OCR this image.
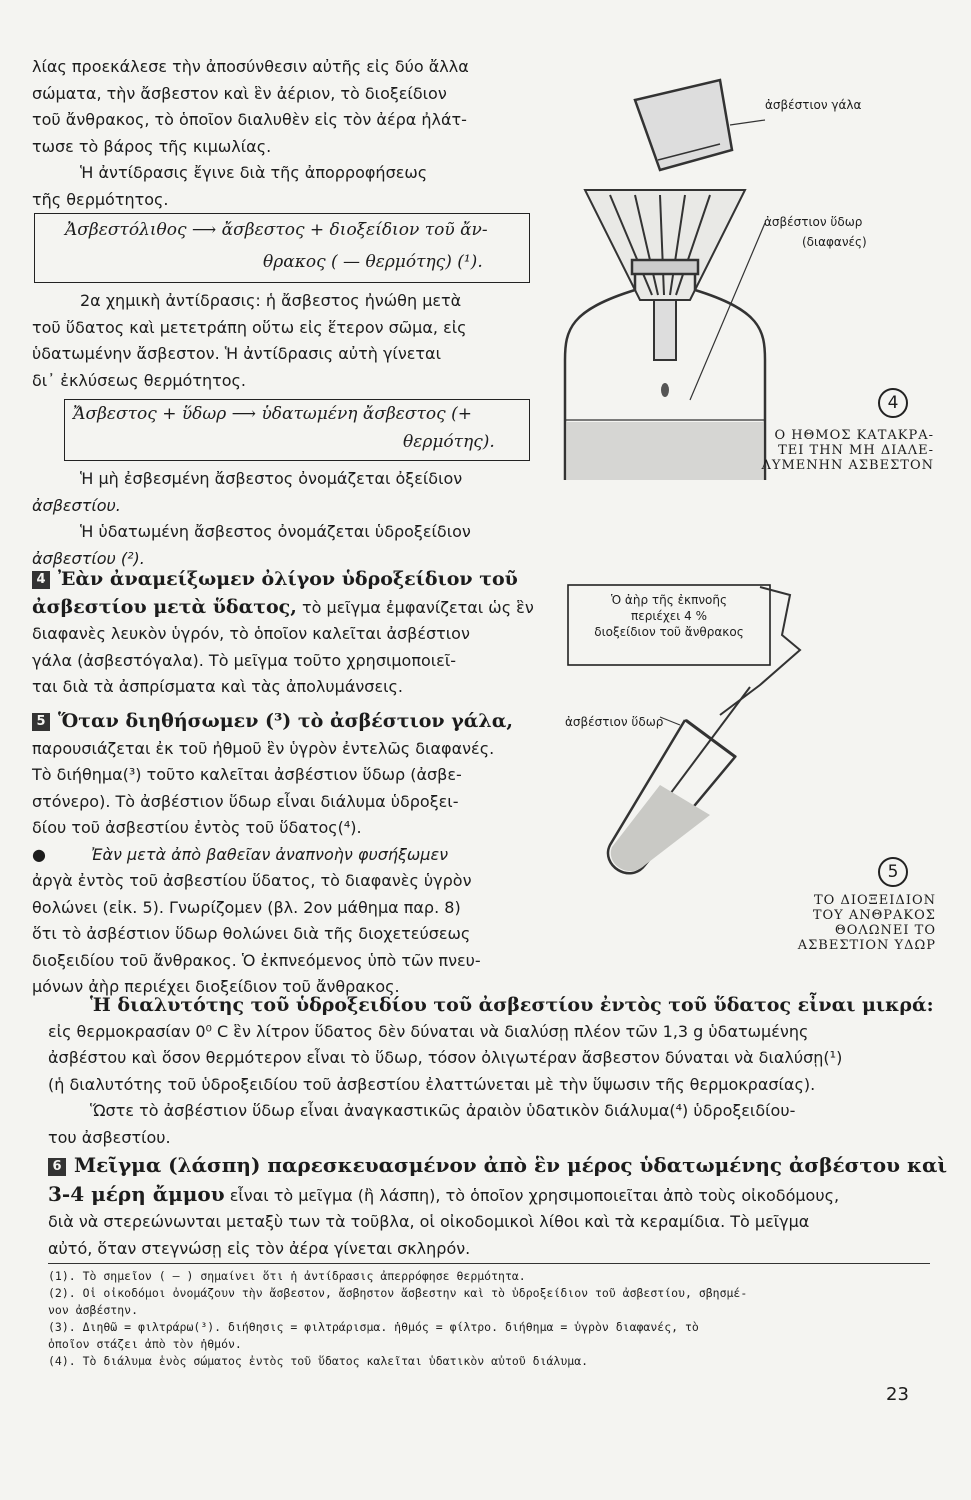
λίας προεκάλεσε τὴν ἀποσύνθεσιν αὐτῆς εἰς δύο ἄλλα
σώματα, τὴν ἄσβεστον καὶ ἓν ἀέριον, τὸ διοξείδιον
τοῦ ἄνθρακος, τὸ ὁποῖον διαλυθὲν εἰς τὸν ἀέρα ἠλάτ-
τωσε τὸ βάρος τῆς κιμωλίας.
Ἡ ἀντίδρασις ἔγινε διὰ τῆς ἀπορροφήσεως
τῆς θερμότητος.
Ἀσβεστόλιθος ⟶ ἄσβεστος + διοξείδιον τοῦ ἄν-
θρακος ( — θερμότης) (¹).
2α χημικὴ ἀντίδρασις: ἡ ἄσβεστος ἠνώθη μετὰ
τοῦ ὕδατος καὶ μετετράπη οὕτω εἰς ἕτερον σῶμα, εἰς
ὑδατωμένην ἄσβεστον. Ἡ ἀντίδρασις αὐτὴ γίνεται
δι᾽ ἐκλύσεως θερμότητος.
Ἄσβεστος + ὕδωρ ⟶ ὑδατωμένη ἄσβεστος (+
θερμότης).
Ἡ μὴ ἐσβεσμένη ἄσβεστος ὀνομάζεται ὀξείδιον
ἀσβεστίου.
Ἡ ὑδατωμένη ἄσβεστος ὀνομάζεται ὑδροξείδιον
ἀσβεστίου (²).
4 Ἐὰν ἀναμείξωμεν ὀλίγον ὑδροξείδιον τοῦ
ἀσβεστίου μετὰ ὕδατος, τὸ μεῖγμα ἐμφανίζεται ὡς ἓν
διαφανὲς λευκὸν ὑγρόν, τὸ ὁποῖον καλεῖται ἀσβέστιον
γάλα (ἀσβεστόγαλα). Τὸ μεῖγμα τοῦτο χρησιμοποιεῖ-
ται διὰ τὰ ἀσπρίσματα καὶ τὰς ἀπολυμάνσεις.
5 Ὅταν διηθήσωμεν (³) τὸ ἀσβέστιον γάλα,
παρουσιάζεται ἐκ τοῦ ἠθμοῦ ἓν ὑγρὸν ἐντελῶς διαφανές.
Τὸ διήθημα(³) τοῦτο καλεῖται ἀσβέστιον ὕδωρ (ἀσβε-
στόνερο). Τὸ ἀσβέστιον ὕδωρ εἶναι διάλυμα ὑδροξει-
δίου τοῦ ἀσβεστίου ἐντὸς τοῦ ὕδατος(⁴).
●	Ἐὰν μετὰ ἀπὸ βαθεῖαν ἀναπνοὴν φυσήξωμεν
ἀργὰ ἐντὸς τοῦ ἀσβεστίου ὕδατος, τὸ διαφανὲς ὑγρὸν
θολώνει (εἰκ. 5). Γνωρίζομεν (βλ. 2ον μάθημα παρ. 8)
ὅτι τὸ ἀσβέστιον ὕδωρ θολώνει διὰ τῆς διοχετεύσεως
διοξειδίου τοῦ ἄνθρακος. Ὁ ἐκπνεόμενος ὑπὸ τῶν πνευ-
μόνων ἀὴρ περιέχει διοξείδιον τοῦ ἄνθρακος.
ἀσβέστιον γάλα
ἀσβέστιον ὕδωρ
(διαφανές)
4
Ο ΗΘΜΟΣ ΚΑΤΑΚΡΑ-
ΤΕΙ ΤΗΝ ΜΗ ΔΙΑΛΕ-
ΛΥΜΕΝΗΝ ΑΣΒΕΣΤΟΝ
Ὁ ἀὴρ τῆς ἐκπνοῆς
περιέχει 4 %
διοξείδιον τοῦ ἄνθρακος
ἀσβέστιον ὕδωρ
5
ΤΟ ΔΙΟΞΕΙΔΙΟΝ
ΤΟΥ ΑΝΘΡΑΚΟΣ
ΘΟΛΩΝΕΙ ΤΟ
ΑΣΒΕΣΤΙΟΝ ΥΔΩΡ
Ἡ διαλυτότης τοῦ ὑδροξειδίου τοῦ ἀσβεστίου ἐντὸς τοῦ ὕδατος εἶναι μικρά:
εἰς θερμοκρασίαν 0⁰ C ἓν λίτρον ὕδατος δὲν δύναται νὰ διαλύσῃ πλέον τῶν 1,3 g ὑδατωμένης
ἀσβέστου καὶ ὅσον θερμότερον εἶναι τὸ ὕδωρ, τόσον ὀλιγωτέραν ἄσβεστον δύναται νὰ διαλύσῃ(¹)
(ἡ διαλυτότης τοῦ ὑδροξειδίου τοῦ ἀσβεστίου ἐλαττώνεται μὲ τὴν ὕψωσιν τῆς θερμοκρασίας).
Ὥστε τὸ ἀσβέστιον ὕδωρ εἶναι ἀναγκαστικῶς ἀραιὸν ὑδατικὸν διάλυμα(⁴) ὑδροξειδίου-
του ἀσβεστίου.
6 Μεῖγμα (λάσπη) παρεσκευασμένον ἀπὸ ἓν μέρος ὑδατωμένης ἀσβέστου καὶ
3-4 μέρη ἄμμου εἶναι τὸ μεῖγμα (ἢ λάσπη), τὸ ὁποῖον χρησιμοποιεῖται ἀπὸ τοὺς οἰκοδόμους,
διὰ νὰ στερεώνωνται μεταξὺ των τὰ τοῦβλα, οἱ οἰκοδομικοὶ λίθοι καὶ τὰ κεραμίδια. Τὸ μεῖγμα
αὐτό, ὅταν στεγνώσῃ εἰς τὸν ἀέρα γίνεται σκληρόν.
(1). Τὸ σημεῖον ( — ) σημαίνει ὅτι ἡ ἀντίδρασις ἀπερρόφησε θερμότητα.
(2). Οἱ οἰκοδόμοι ὀνομάζουν τὴν ἄσβεστον, ἄσβηστον ἄσβεστην καὶ τὸ ὑδροξείδιον τοῦ ἀσβεστίου, σβησμέ-
νον ἀσβέστην.
(3). Διηθῶ = φιλτράρω(³). διήθησις = φιλτράρισμα. ἠθμός = φίλτρο. διήθημα = ὑγρὸν διαφανές, τὸ
ὁποῖον στάζει ἀπὸ τὸν ἠθμόν.
(4). Τὸ διάλυμα ἑνὸς σώματος ἐντὸς τοῦ ὕδατος καλεῖται ὑδατικὸν αὐτοῦ διάλυμα.
23
